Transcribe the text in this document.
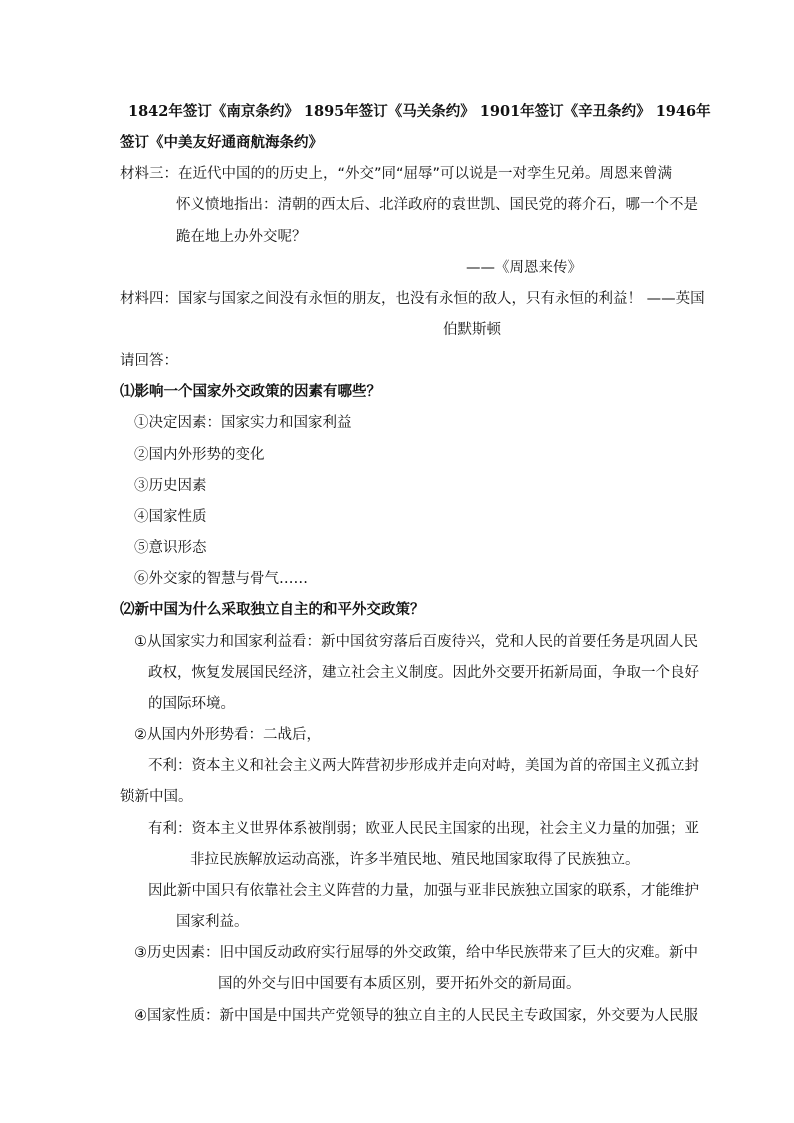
1842年签订《南京条约》 1895年签订《马关条约》 1901年签订《辛丑条约》 1946年
签订《中美友好通商航海条约》
材料三：在近代中国的的历史上，“外交”同“屈辱”可以说是一对孪生兄弟。周恩来曾满
怀义愤地指出：清朝的西太后、北洋政府的袁世凯、国民党的蒋介石，哪一个不是
跪在地上办外交呢？
——《周恩来传》
材料四：国家与国家之间没有永恒的朋友，也没有永恒的敌人，只有永恒的利益！ ——英国
伯默斯顿
请回答：
⑴影响一个国家外交政策的因素有哪些？
①决定因素：国家实力和国家利益
②国内外形势的变化
③历史因素
④国家性质
⑤意识形态
⑥外交家的智慧与骨气……
⑵新中国为什么采取独立自主的和平外交政策？
①从国家实力和国家利益看：新中国贫穷落后百废待兴，党和人民的首要任务是巩固人民
政权，恢复发展国民经济，建立社会主义制度。因此外交要开拓新局面，争取一个良好
的国际环境。
②从国内外形势看：二战后，
不利：资本主义和社会主义两大阵营初步形成并走向对峙，美国为首的帝国主义孤立封
锁新中国。
有利：资本主义世界体系被削弱；欧亚人民民主国家的出现，社会主义力量的加强；亚
非拉民族解放运动高涨，许多半殖民地、殖民地国家取得了民族独立。
因此新中国只有依靠社会主义阵营的力量，加强与亚非民族独立国家的联系，才能维护
国家利益。
③历史因素：旧中国反动政府实行屈辱的外交政策，给中华民族带来了巨大的灾难。新中
国的外交与旧中国要有本质区别，要开拓外交的新局面。
④国家性质：新中国是中国共产党领导的独立自主的人民民主专政国家，外交要为人民服
